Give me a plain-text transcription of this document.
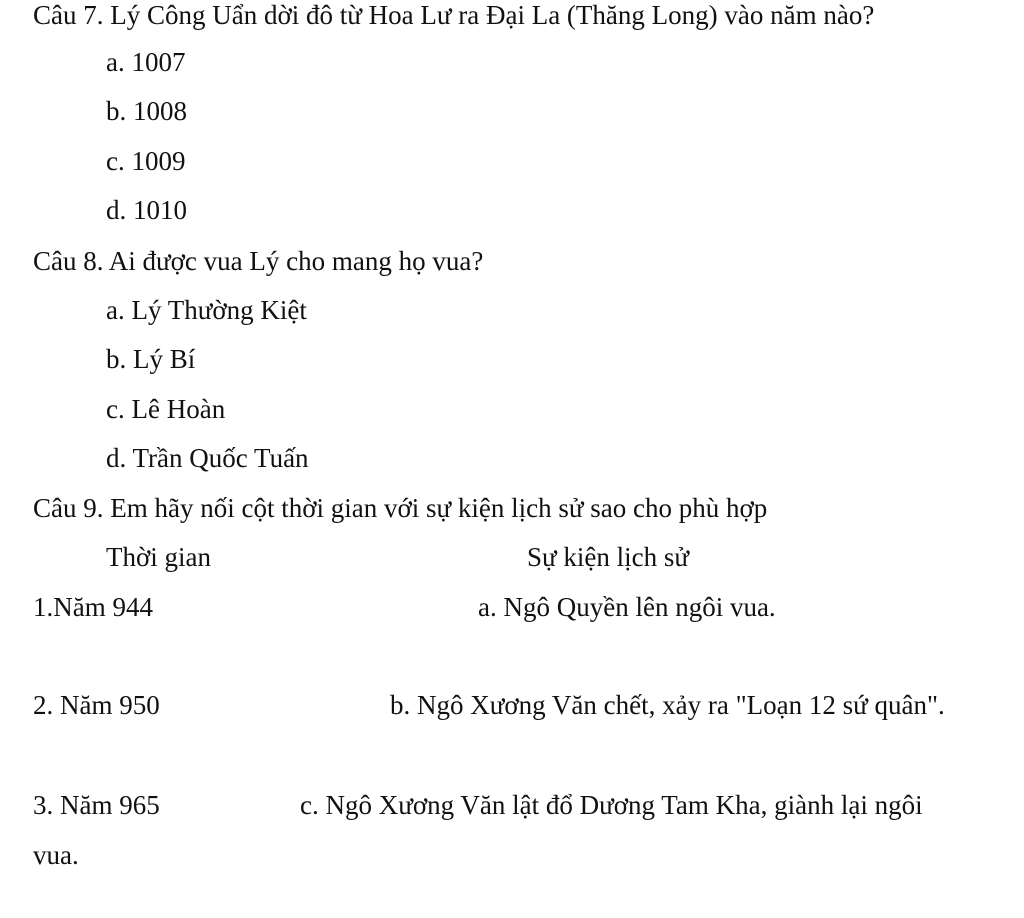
Câu 7. Lý Công Uẩn dời đô từ Hoa Lư ra Đại La (Thăng Long) vào năm nào?
a. 1007
b. 1008
c. 1009
d. 1010
Câu 8. Ai được vua Lý cho mang họ vua?
a. Lý Thường Kiệt
b. Lý Bí
c. Lê Hoàn
d. Trần Quốc Tuấn
Câu 9. Em hãy nối cột thời gian với sự kiện lịch sử sao cho phù hợp
Thời gian	Sự kiện lịch sử
1.Năm 944	a. Ngô Quyền lên ngôi vua.
2. Năm 950	b. Ngô Xương Văn chết, xảy ra "Loạn 12 sứ quân".
3. Năm 965	c. Ngô Xương Văn lật đổ Dương Tam Kha, giành lại ngôi
vua.
